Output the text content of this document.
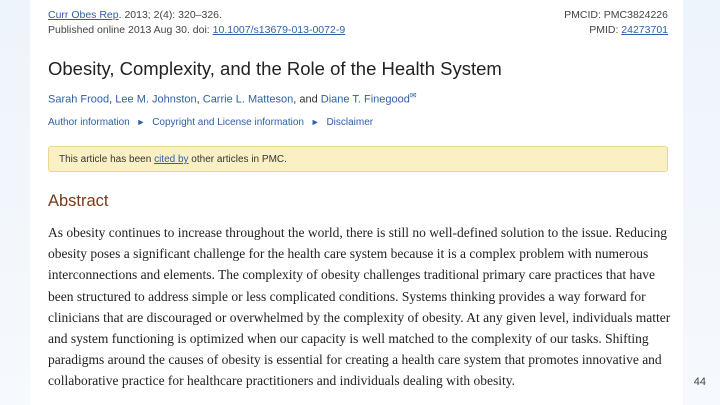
Curr Obes Rep. 2013; 2(4): 320–326.
Published online 2013 Aug 30. doi: 10.1007/s13679-013-0072-9
PMCID: PMC3824226
PMID: 24273701
Obesity, Complexity, and the Role of the Health System
Sarah Frood, Lee M. Johnston, Carrie L. Matteson, and Diane T. Finegood✉
Author information ► Copyright and License information ► Disclaimer
This article has been cited by other articles in PMC.
Abstract
As obesity continues to increase throughout the world, there is still no well-defined solution to the issue. Reducing obesity poses a significant challenge for the health care system because it is a complex problem with numerous interconnections and elements. The complexity of obesity challenges traditional primary care practices that have been structured to address simple or less complicated conditions. Systems thinking provides a way forward for clinicians that are discouraged or overwhelmed by the complexity of obesity. At any given level, individuals matter and system functioning is optimized when our capacity is well matched to the complexity of our tasks. Shifting paradigms around the causes of obesity is essential for creating a health care system that promotes innovative and collaborative practice for healthcare practitioners and individuals dealing with obesity.	44
